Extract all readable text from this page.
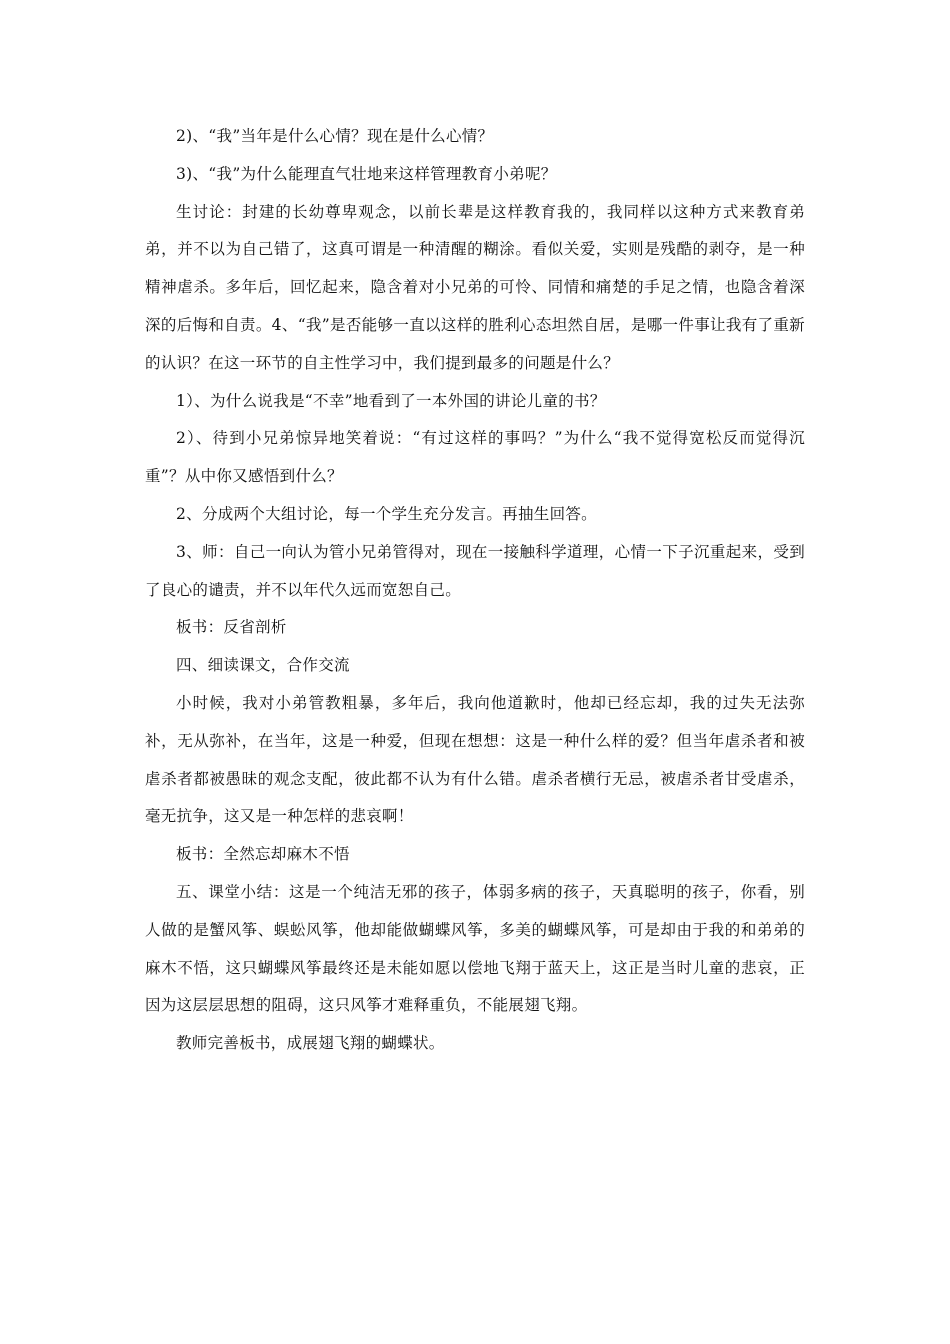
2)、“我”当年是什么心情？现在是什么心情？

3)、“我”为什么能理直气壮地来这样管理教育小弟呢？

生讨论：封建的长幼尊卑观念，以前长辈是这样教育我的，我同样以这种方式来教育弟弟，并不以为自己错了，这真可谓是一种清醒的糊涂。看似关爱，实则是残酷的剥夺，是一种精神虐杀。多年后，回忆起来，隐含着对小兄弟的可怜、同情和痛楚的手足之情，也隐含着深深的后悔和自责。4、“我”是否能够一直以这样的胜利心态坦然自居，是哪一件事让我有了重新的认识？在这一环节的自主性学习中，我们提到最多的问题是什么？

1）、为什么说我是“不幸”地看到了一本外国的讲论儿童的书？

2）、待到小兄弟惊异地笑着说：“有过这样的事吗？”为什么“我不觉得宽松反而觉得沉重”？从中你又感悟到什么？

2、分成两个大组讨论，每一个学生充分发言。再抽生回答。

3、师：自己一向认为管小兄弟管得对，现在一接触科学道理，心情一下子沉重起来，受到了良心的谴责，并不以年代久远而宽恕自己。

板书：反省剖析

四、细读课文，合作交流

小时候，我对小弟管教粗暴，多年后，我向他道歉时，他却已经忘却，我的过失无法弥补，无从弥补，在当年，这是一种爱，但现在想想：这是一种什么样的爱？但当年虐杀者和被虐杀者都被愚昧的观念支配，彼此都不认为有什么错。虐杀者横行无忌，被虐杀者甘受虐杀，毫无抗争，这又是一种怎样的悲哀啊！

板书：全然忘却麻木不悟

五、课堂小结：这是一个纯洁无邪的孩子，体弱多病的孩子，天真聪明的孩子，你看，别人做的是蟹风筝、蜈蚣风筝，他却能做蝴蝶风筝，多美的蝴蝶风筝，可是却由于我的和弟弟的麻木不悟，这只蝴蝶风筝最终还是未能如愿以偿地飞翔于蓝天上，这正是当时儿童的悲哀，正因为这层层思想的阻碍，这只风筝才难释重负，不能展翅飞翔。

教师完善板书，成展翅飞翔的蝴蝶状。
